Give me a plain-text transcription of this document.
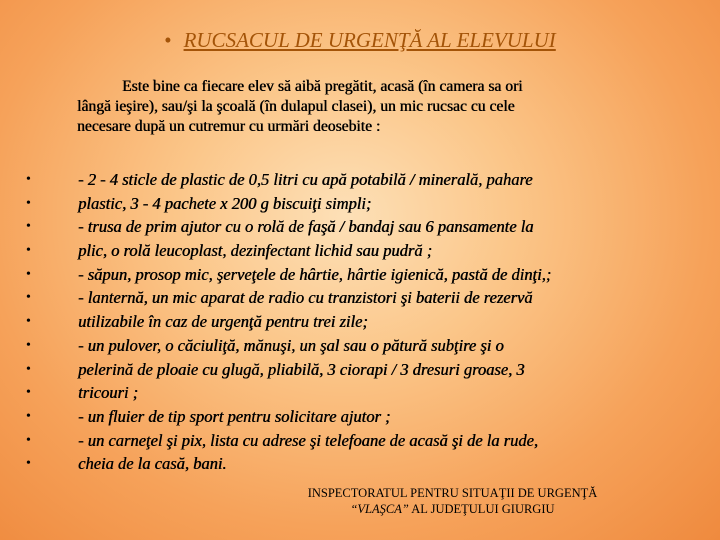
• RUCSACUL DE URGENŢĂ AL ELEVULUI
Este bine ca fiecare elev să aibă pregătit, acasă (în camera sa ori
lângă ieşire), sau/şi la şcoală (în dulapul clasei), un mic rucsac cu cele
necesare după un cutremur cu urmări deosebite :
•	- 2 - 4 sticle de plastic de 0,5 litri cu apă potabilă / minerală, pahare
•	plastic, 3 - 4 pachete x 200 g biscuiţi simpli;
•	- trusa de prim ajutor cu o rolă de faşă / bandaj sau 6 pansamente la
•	plic, o rolă leucoplast, dezinfectant lichid sau pudră ;
•	- săpun, prosop mic, şerveţele de hârtie, hârtie igienică, pastă de dinţi,;
•	- lanternă, un mic aparat de radio cu tranzistori şi baterii de rezervă
•	utilizabile în caz de urgenţă pentru trei zile;
•	- un pulover, o căciuliţă, mănuşi, un şal sau o pătură subţire şi o
•	pelerină de ploaie cu glugă, pliabilă, 3 ciorapi / 3 dresuri groase, 3
•	tricouri ;
•	- un fluier de tip sport pentru solicitare ajutor ;
•	- un carneţel şi pix, lista cu adrese şi telefoane de acasă şi de la rude,
•	cheia de la casă, bani.
INSPECTORATUL PENTRU SITUAŢII DE URGENŢĂ
“VLAŞCA” AL JUDEŢULUI GIURGIU
